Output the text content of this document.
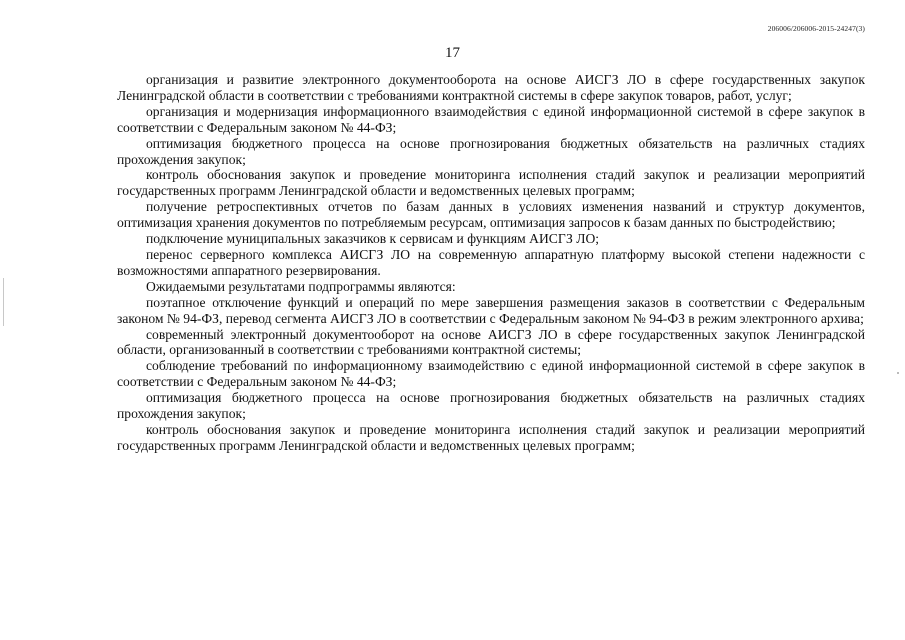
206006/206006-2015-24247(3)
17

организация и развитие электронного документооборота на основе АИСГЗ ЛО в сфере государственных закупок Ленинградской области в соответствии с требованиями контрактной системы в сфере закупок товаров, работ, услуг;

организация и модернизация информационного взаимодействия с единой информационной системой в сфере закупок в соответствии с Федеральным законом № 44-ФЗ;

оптимизация бюджетного процесса на основе прогнозирования бюджетных обязательств на различных стадиях прохождения закупок;

контроль обоснования закупок и проведение мониторинга исполнения стадий закупок и реализации мероприятий государственных программ Ленинградской области и ведомственных целевых программ;

получение ретроспективных отчетов по базам данных в условиях изменения названий и структур документов, оптимизация хранения документов по потребляемым ресурсам, оптимизация запросов к базам данных по быстродействию;

подключение муниципальных заказчиков к сервисам и функциям АИСГЗ ЛО;

перенос серверного комплекса АИСГЗ ЛО на современную аппаратную платформу высокой степени надежности с возможностями аппаратного резервирования.

Ожидаемыми результатами подпрограммы являются:

поэтапное отключение функций и операций по мере завершения размещения заказов в соответствии с Федеральным законом № 94-ФЗ, перевод сегмента АИСГЗ ЛО в соответствии с Федеральным законом № 94-ФЗ в режим электронного архива;

современный электронный документооборот на основе АИСГЗ ЛО в сфере государственных закупок Ленинградской области, организованный в соответствии с требованиями контрактной системы;

соблюдение требований по информационному взаимодействию с единой информационной системой в сфере закупок в соответствии с Федеральным законом № 44-ФЗ;

оптимизация бюджетного процесса на основе прогнозирования бюджетных обязательств на различных стадиях прохождения закупок;

контроль обоснования закупок и проведение мониторинга исполнения стадий закупок и реализации мероприятий государственных программ Ленинградской области и ведомственных целевых программ;
